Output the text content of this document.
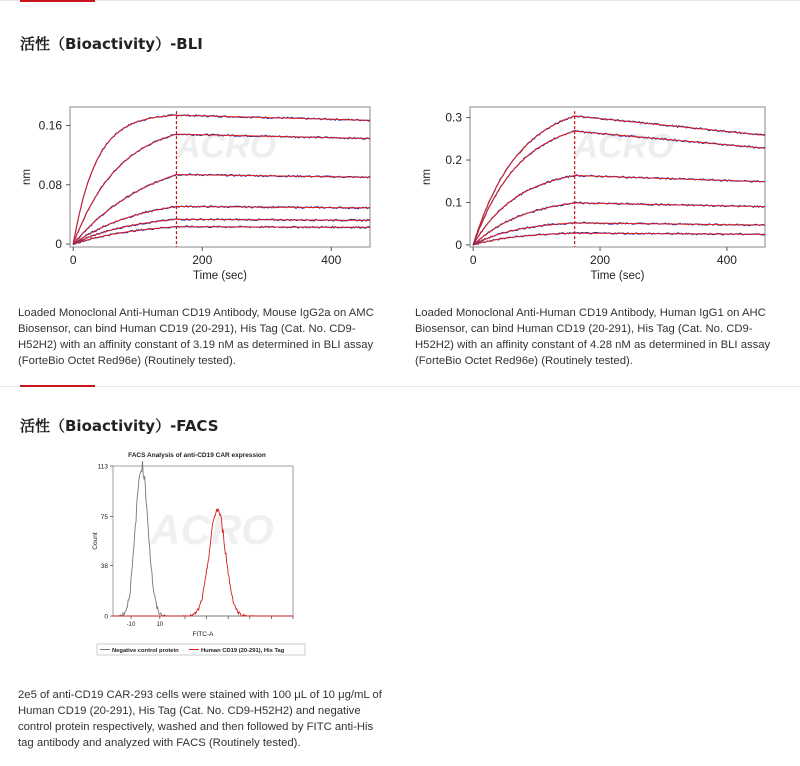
活性（Bioactivity）-BLI
ACRO
0	200	400
0
0.08
0.16
Time (sec)
nm
ACRO
0	200	400
0
0.1
0.2
0.3
Time (sec)
nm
Loaded Monoclonal Anti-Human CD19 Antibody, Mouse IgG2a on AMC Biosensor, can bind Human CD19 (20-291), His Tag (Cat. No. CD9-H52H2) with an affinity constant of 3.19 nM as determined in BLI assay (ForteBio Octet Red96e) (Routinely tested).
Loaded Monoclonal Anti-Human CD19 Antibody, Human IgG1 on AHC Biosensor, can bind Human CD19 (20-291), His Tag (Cat. No. CD9-H52H2) with an affinity constant of 4.28 nM as determined in BLI assay (ForteBio Octet Red96e) (Routinely tested).
活性（Bioactivity）-FACS
FACS Analysis of anti-CD19 CAR expression
ACRO
0
38
75
113
-10	10
FITC-A
Count
Negative control protein	Human CD19 (20-291), His Tag
2e5 of anti-CD19 CAR-293 cells were stained with 100 μL of 10 μg/mL of Human CD19 (20-291), His Tag (Cat. No. CD9-H52H2) and negative control protein respectively, washed and then followed by FITC anti-His tag antibody and analyzed with FACS (Routinely tested).
